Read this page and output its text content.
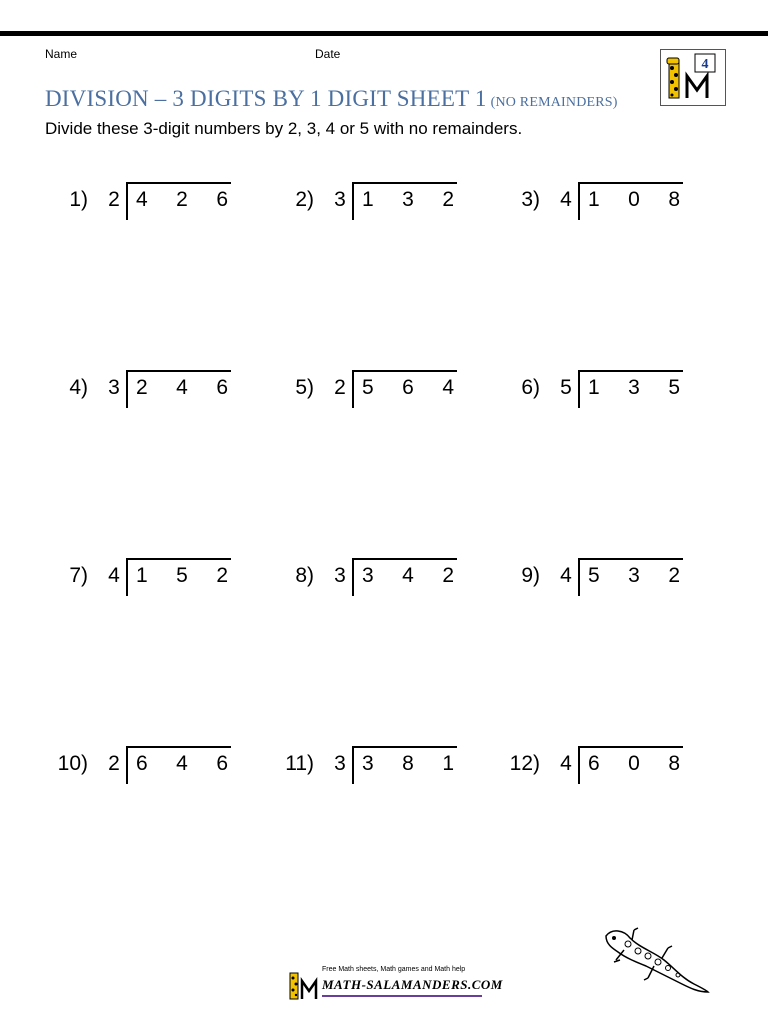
Name	Date
4
DIVISION – 3 DIGITS BY 1 DIGIT SHEET 1 (NO REMAINDERS)
Divide these 3-digit numbers by 2, 3, 4 or 5 with no remainders.
1) 2 4 2 6	2) 3 1 3 2	3) 4 1 0 8
4) 3 2 4 6	5) 2 5 6 4	6) 5 1 3 5
7) 4 1 5 2	8) 3 3 4 2	9) 4 5 3 2
10) 2 6 4 6	11) 3 3 8 1	12) 4 6 0 8
Free Math sheets, Math games and Math help
MATH-SALAMANDERS.COM
